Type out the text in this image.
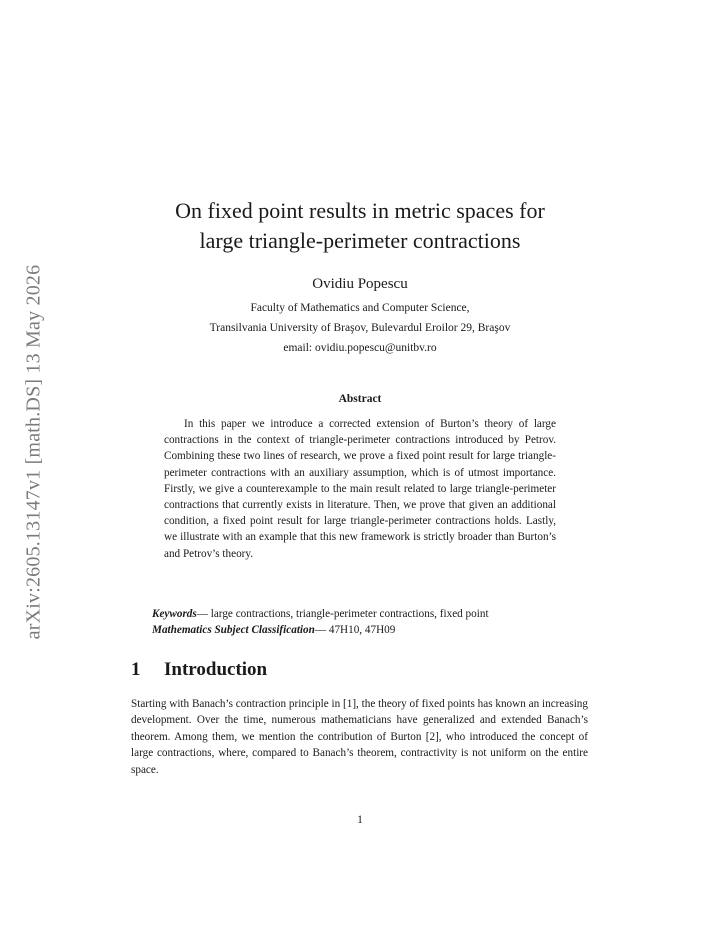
arXiv:2605.13147v1 [math.DS] 13 May 2026
On fixed point results in metric spaces for
large triangle-perimeter contractions
Ovidiu Popescu
Faculty of Mathematics and Computer Science,
Transilvania University of Braşov, Bulevardul Eroilor 29, Braşov
email: ovidiu.popescu@unitbv.ro
Abstract
In this paper we introduce a corrected extension of Burton’s theory of large contractions in the context of triangle-perimeter contractions introduced by Petrov. Combining these two lines of research, we prove a fixed point result for large triangle-perimeter contractions with an auxiliary assumption, which is of utmost importance. Firstly, we give a counterexample to the main result related to large triangle-perimeter contractions that currently exists in literature. Then, we prove that given an additional condition, a fixed point result for large triangle-perimeter contractions holds. Lastly, we illustrate with an example that this new framework is strictly broader than Burton’s and Petrov’s theory.
Keywords— large contractions, triangle-perimeter contractions, fixed point
Mathematics Subject Classification— 47H10, 47H09
1 Introduction
Starting with Banach’s contraction principle in [1], the theory of fixed points has known an increasing development. Over the time, numerous mathematicians have generalized and extended Banach’s theorem. Among them, we mention the contribution of Burton [2], who introduced the concept of large contractions, where, compared to Banach’s theorem, contractivity is not uniform on the entire space.
1
